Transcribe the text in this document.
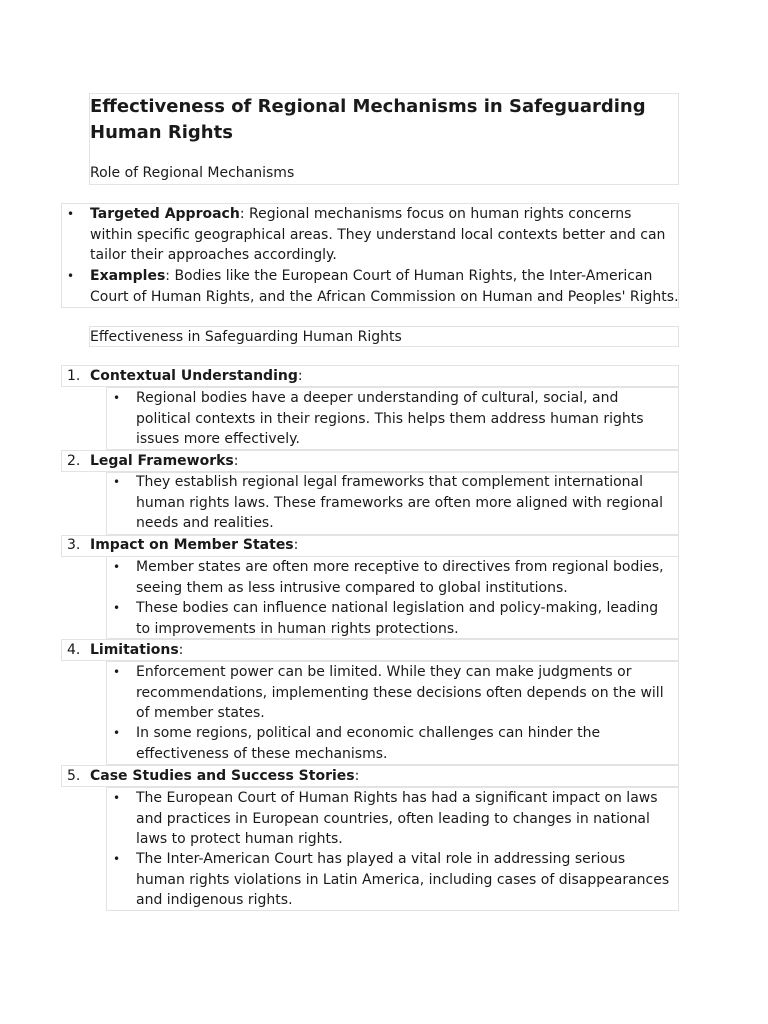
Effectiveness of Regional Mechanisms in Safeguarding Human Rights
Role of Regional Mechanisms
• Targeted Approach: Regional mechanisms focus on human rights concerns within specific geographical areas. They understand local contexts better and can tailor their approaches accordingly.

• Examples: Bodies like the European Court of Human Rights, the Inter-American Court of Human Rights, and the African Commission on Human and Peoples' Rights.

Effectiveness in Safeguarding Human Rights
1. Contextual Understanding:
• Regional bodies have a deeper understanding of cultural, social, and political contexts in their regions. This helps them address human rights issues more effectively.

2. Legal Frameworks:
• They establish regional legal frameworks that complement international human rights laws. These frameworks are often more aligned with regional needs and realities.

3. Impact on Member States:
• Member states are often more receptive to directives from regional bodies, seeing them as less intrusive compared to global institutions.

• These bodies can influence national legislation and policy-making, leading to improvements in human rights protections.

4. Limitations:
• Enforcement power can be limited. While they can make judgments or recommendations, implementing these decisions often depends on the will of member states.

• In some regions, political and economic challenges can hinder the effectiveness of these mechanisms.

5. Case Studies and Success Stories:
• The European Court of Human Rights has had a significant impact on laws and practices in European countries, often leading to changes in national laws to protect human rights.

• The Inter-American Court has played a vital role in addressing serious human rights violations in Latin America, including cases of disappearances and indigenous rights.
